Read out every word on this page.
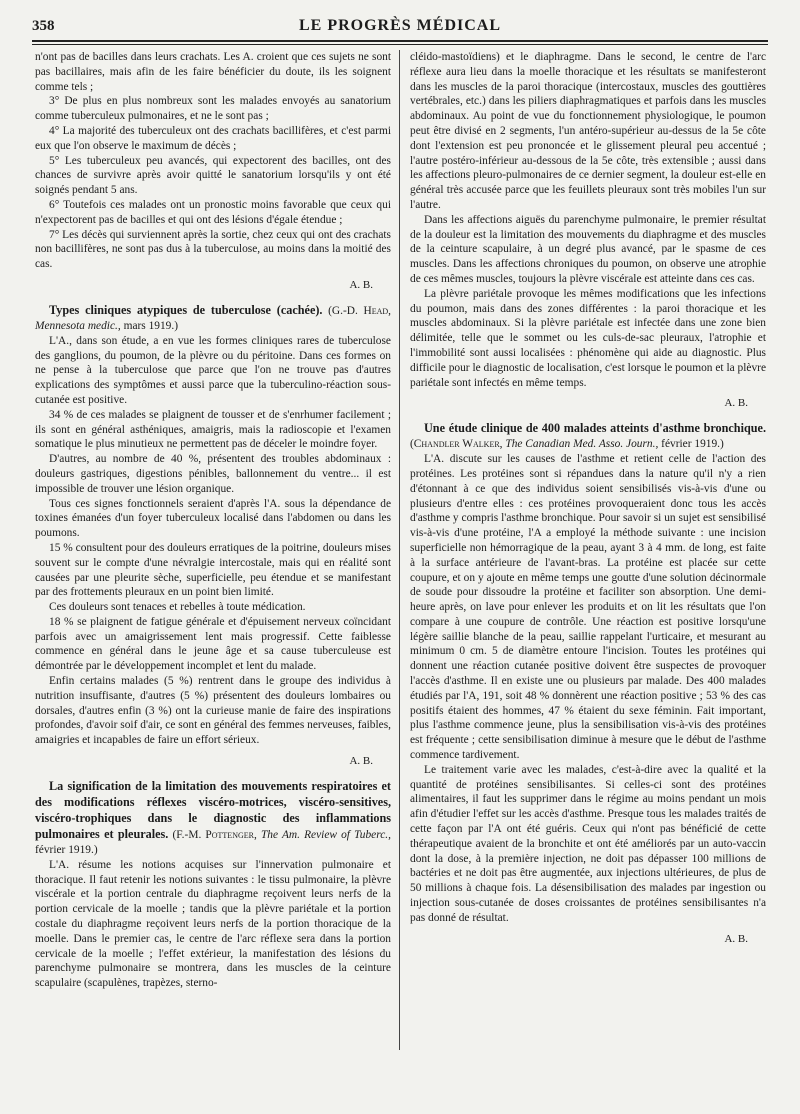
358	LE PROGRÈS MÉDICAL

n'ont pas de bacilles dans leurs crachats. Les A. croient que ces sujets ne sont pas bacillaires, mais afin de les faire bénéficier du doute, ils les soignent comme tels ;

3° De plus en plus nombreux sont les malades envoyés au sanatorium comme tuberculeux pulmonaires, et ne le sont pas ;

4° La majorité des tuberculeux ont des crachats bacillifères, et c'est parmi eux que l'on observe le maximum de décès ;

5° Les tuberculeux peu avancés, qui expectorent des bacilles, ont des chances de survivre après avoir quitté le sanatorium lorsqu'ils y ont été soignés pendant 5 ans.

6° Toutefois ces malades ont un pronostic moins favorable que ceux qui n'expectorent pas de bacilles et qui ont des lésions d'égale étendue ;

7° Les décès qui surviennent après la sortie, chez ceux qui ont des crachats non bacillifères, ne sont pas dus à la tuberculose, au moins dans la moitié des cas.

A. B.

Types cliniques atypiques de tuberculose (cachée). (G.-D. Head, Mennesota medic., mars 1919.)

L'A., dans son étude, a en vue les formes cliniques rares de tuberculose des ganglions, du poumon, de la plèvre ou du péritoine. Dans ces formes on ne pense à la tuberculose que parce que l'on ne trouve pas d'autres explications des symptômes et aussi parce que la tuberculino-réaction sous-cutanée est positive.

34 % de ces malades se plaignent de tousser et de s'enrhumer facilement ; ils sont en général asthéniques, amaigris, mais la radioscopie et l'examen somatique le plus minutieux ne permettent pas de déceler le moindre foyer.

D'autres, au nombre de 40 %, présentent des troubles abdominaux : douleurs gastriques, digestions pénibles, ballonnement du ventre... il est impossible de trouver une lésion organique.

Tous ces signes fonctionnels seraient d'après l'A. sous la dépendance de toxines émanées d'un foyer tuberculeux localisé dans l'abdomen ou dans les poumons.

15 % consultent pour des douleurs erratiques de la poitrine, douleurs mises souvent sur le compte d'une névralgie intercostale, mais qui en réalité sont causées par une pleurite sèche, superficielle, peu étendue et se manifestant par des frottements pleuraux en un point bien limité.

Ces douleurs sont tenaces et rebelles à toute médication.

18 % se plaignent de fatigue générale et d'épuisement nerveux coïncidant parfois avec un amaigrissement lent mais progressif. Cette faiblesse commence en général dans le jeune âge et sa cause tuberculeuse est démontrée par le développement incomplet et lent du malade.

Enfin certains malades (5 %) rentrent dans le groupe des individus à nutrition insuffisante, d'autres (5 %) présentent des douleurs lombaires ou dorsales, d'autres enfin (3 %) ont la curieuse manie de faire des inspirations profondes, d'avoir soif d'air, ce sont en général des femmes nerveuses, faibles, amaigries et incapables de faire un effort sérieux.

A. B.

La signification de la limitation des mouvements respiratoires et des modifications réflexes viscéro-motrices, viscéro-sensitives, viscéro-trophiques dans le diagnostic des inflammations pulmonaires et pleurales. (F.-M. Pottenger, The Am. Review of Tuberc., février 1919.)

L'A. résume les notions acquises sur l'innervation pulmonaire et thoracique. Il faut retenir les notions suivantes : le tissu pulmonaire, la plèvre viscérale et la portion centrale du diaphragme reçoivent leurs nerfs de la portion cervicale de la moelle ; tandis que la plèvre pariétale et la portion costale du diaphragme reçoivent leurs nerfs de la portion thoracique de la moelle. Dans le premier cas, le centre de l'arc réflexe sera dans la portion cervicale de la moelle ; l'effet extérieur, la manifestation des lésions du parenchyme pulmonaire se montrera, dans les muscles de la ceinture scapulaire (scapulènes, trapèzes, sterno-

cléido-mastoïdiens) et le diaphragme. Dans le second, le centre de l'arc réflexe aura lieu dans la moelle thoracique et les résultats se manifesteront dans les muscles de la paroi thoracique (intercostaux, muscles des gouttières vertébrales, etc.) dans les piliers diaphragmatiques et parfois dans les muscles abdominaux. Au point de vue du fonctionnement physiologique, le poumon peut être divisé en 2 segments, l'un antéro-supérieur au-dessus de la 5e côte dont l'extension est peu prononcée et le glissement pleural peu accentué ; l'autre postéro-inférieur au-dessous de la 5e côte, très extensible ; aussi dans les affections pleuro-pulmonaires de ce dernier segment, la douleur est-elle en général très accusée parce que les feuillets pleuraux sont très mobiles l'un sur l'autre.

Dans les affections aiguës du parenchyme pulmonaire, le premier résultat de la douleur est la limitation des mouvements du diaphragme et des muscles de la ceinture scapulaire, à un degré plus avancé, par le spasme de ces muscles. Dans les affections chroniques du poumon, on observe une atrophie de ces mêmes muscles, toujours la plèvre viscérale est atteinte dans ces cas.

La plèvre pariétale provoque les mêmes modifications que les infections du poumon, mais dans des zones différentes : la paroi thoracique et les muscles abdominaux. Si la plèvre pariétale est infectée dans une zone bien délimitée, telle que le sommet ou les culs-de-sac pleuraux, l'atrophie et l'immobilité sont aussi localisées : phénomène qui aide au diagnostic. Plus difficile pour le diagnostic de localisation, c'est lorsque le poumon et la plèvre pariétale sont infectés en même temps.

A. B.

Une étude clinique de 400 malades atteints d'asthme bronchique. (Chandler Walker, The Canadian Med. Asso. Journ., février 1919.)

L'A. discute sur les causes de l'asthme et retient celle de l'action des protéines. Les protéines sont si répandues dans la nature qu'il n'y a rien d'étonnant à ce que des individus soient sensibilisés vis-à-vis d'une ou plusieurs d'entre elles : ces protéines provoqueraient donc tous les accès d'asthme y compris l'asthme bronchique. Pour savoir si un sujet est sensibilisé vis-à-vis d'une protéine, l'A a employé la méthode suivante : une incision superficielle non hémorragique de la peau, ayant 3 à 4 mm. de long, est faite à la surface antérieure de l'avant-bras. La protéine est placée sur cette coupure, et on y ajoute en même temps une goutte d'une solution décinormale de soude pour dissoudre la protéine et faciliter son absorption. Une demi-heure après, on lave pour enlever les produits et on lit les résultats que l'on compare à une coupure de contrôle. Une réaction est positive lorsqu'une légère saillie blanche de la peau, saillie rappelant l'urticaire, et mesurant au minimum 0 cm. 5 de diamètre entoure l'incision. Toutes les protéines qui donnent une réaction cutanée positive doivent être suspectes de provoquer l'accès d'asthme. Il en existe une ou plusieurs par malade. Des 400 malades étudiés par l'A, 191, soit 48 % donnèrent une réaction positive ; 53 % des cas positifs étaient des hommes, 47 % étaient du sexe féminin. Fait important, plus l'asthme commence jeune, plus la sensibilisation vis-à-vis des protéines est fréquente ; cette sensibilisation diminue à mesure que le début de l'asthme commence tardivement.

Le traitement varie avec les malades, c'est-à-dire avec la qualité et la quantité de protéines sensibilisantes. Si celles-ci sont des protéines alimentaires, il faut les supprimer dans le régime au moins pendant un mois afin d'étudier l'effet sur les accès d'asthme. Presque tous les malades traités de cette façon par l'A ont été guéris. Ceux qui n'ont pas bénéficié de cette thérapeutique avaient de la bronchite et ont été améliorés par un auto-vaccin dont la dose, à la première injection, ne doit pas dépasser 100 millions de bactéries et ne doit pas être augmentée, aux injections ultérieures, de plus de 50 millions à chaque fois. La désensibilisation des malades par ingestion ou injection sous-cutanée de doses croissantes de protéines sensibilisantes n'a pas donné de résultat.

A. B.
